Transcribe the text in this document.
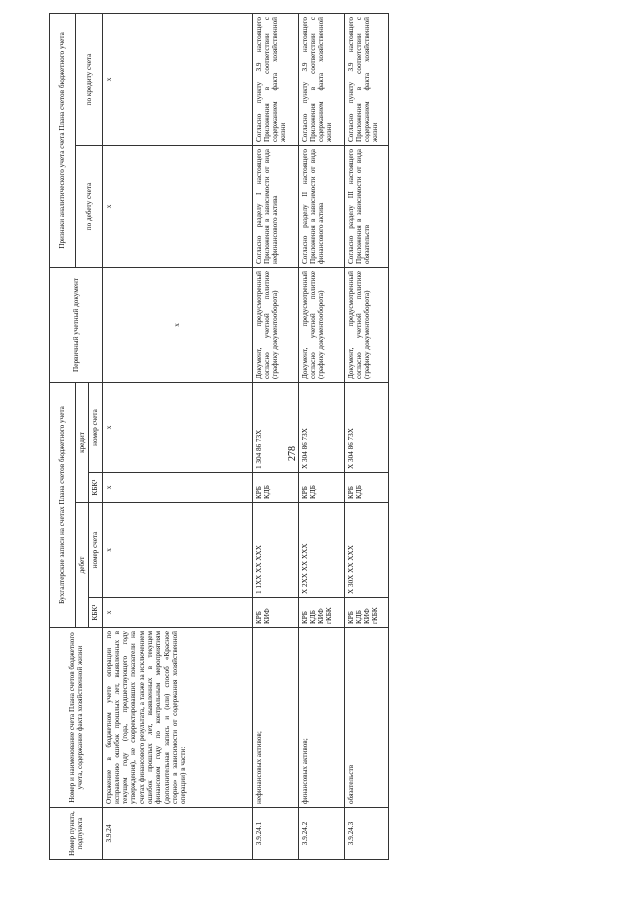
278
Номер пункта, подпункта	Номер и наименование счета Плана счетов бюджетного учета, содержание факта хозяйственной жизни	Бухгалтерские записи на счетах Плана счетов бюджетного учета				Первичный учетный документ	Признаки аналитического учета счета Плана счетов бюджетного учета	
		дебет		кредит			по дебету счета	по кредиту счета
		КБК¹	номер счета	КБК¹	номер счета			
3.9.24	Отражение в бюджетном учете операции по исправлению ошибок прошлых лет, выявленных в текущем году (года, предшествующего году утверждения), не скорректировавших показатели на счетах финансового результата, а также за исключением ошибок прошлых лет, выявленных в текущем финансовом году по контрольным мероприятиям (дополнительная запись и (или) способ «Красное сторно» в зависимости от содержания хозяйственной операции) в части:	х	х	х	х	х	х	х
3.9.24.1	нефинансовых активов;	КРБ КИФ	1 1ХХ ХХ ХХХ	КРБ КДБ	1 304 86 73Х	Документ, предусмотренный согласно учетной политике (графику документооборота)	Согласно разделу I настоящего Приложения в зависимости от вида нефинансового актива	Согласно пункту 3.9 настоящего Приложения в соответствии с содержанием факта хозяйственной жизни
3.9.24.2	финансовых активов;	КРБ КДБ КИФ гКБК	Х 2ХХ ХХ ХХХ	КРБ КДБ	Х 304 86 73Х	Документ, предусмотренный согласно учетной политике (графику документооборота)	Согласно разделу II настоящего Приложения в зависимости от вида финансового актива	Согласно пункту 3.9 настоящего Приложения в соответствии с содержанием факта хозяйственной жизни
3.9.24.3	обязательств	КРБ КДБ КИФ гКБК	Х 30Х ХХ ХХХ	КРБ КДБ	Х 304 86 73Х	Документ, предусмотренный согласно учетной политике (графику документооборота)	Согласно разделу III настоящего Приложения в зависимости от вида обязательств	Согласно пункту 3.9 настоящего Приложения в соответствии с содержанием факта хозяйственной жизни
